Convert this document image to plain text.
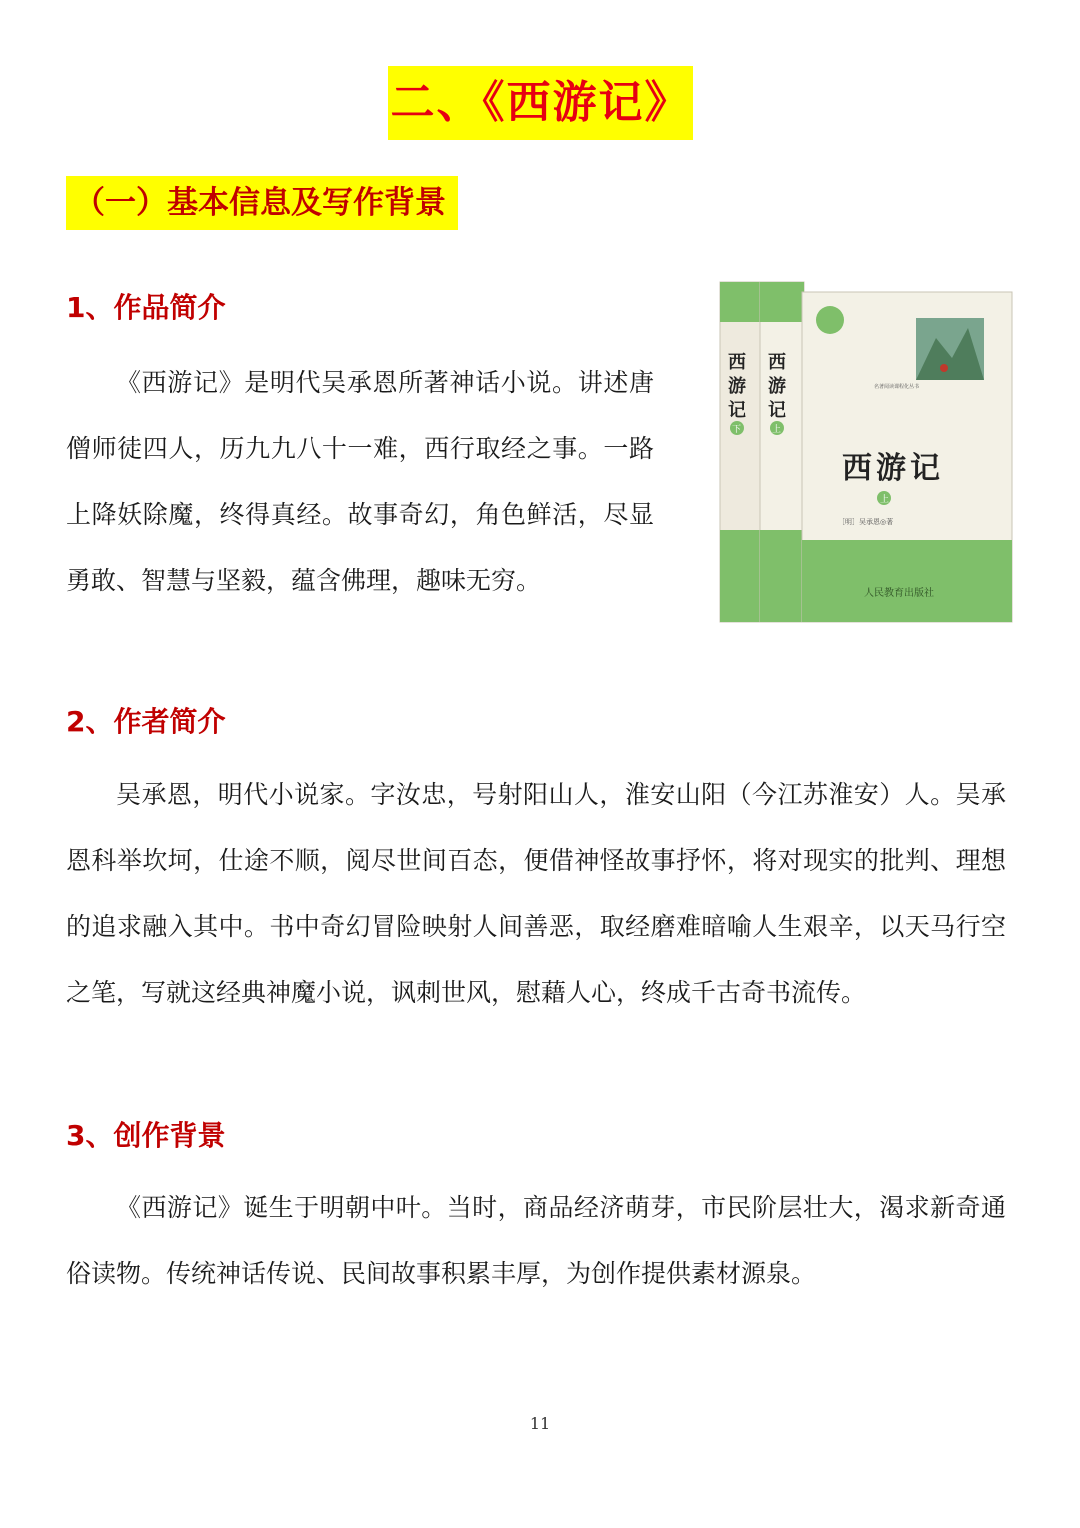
二、《西游记》
（一）基本信息及写作背景
1、作品简介

《西游记》是明代吴承恩所著神话小说。讲述唐僧师徒四人，历九九八十一难，西行取经之事。一路上降妖除魔，终得真经。故事奇幻，角色鲜活，尽显勇敢、智慧与坚毅，蕴含佛理，趣味无穷。

名著阅读课程化丛书
西游记
上
［明］吴承恩◎著
人民教育出版社
西
游
记
下
西
游
记
上
2、作者简介

吴承恩，明代小说家。字汝忠，号射阳山人，淮安山阳（今江苏淮安）人。吴承恩科举坎坷，仕途不顺，阅尽世间百态，便借神怪故事抒怀，将对现实的批判、理想的追求融入其中。书中奇幻冒险映射人间善恶，取经磨难暗喻人生艰辛，以天马行空之笔，写就这经典神魔小说，讽刺世风，慰藉人心，终成千古奇书流传。

3、创作背景

《西游记》诞生于明朝中叶。当时，商品经济萌芽，市民阶层壮大，渴求新奇通俗读物。传统神话传说、民间故事积累丰厚，为创作提供素材源泉。

11
